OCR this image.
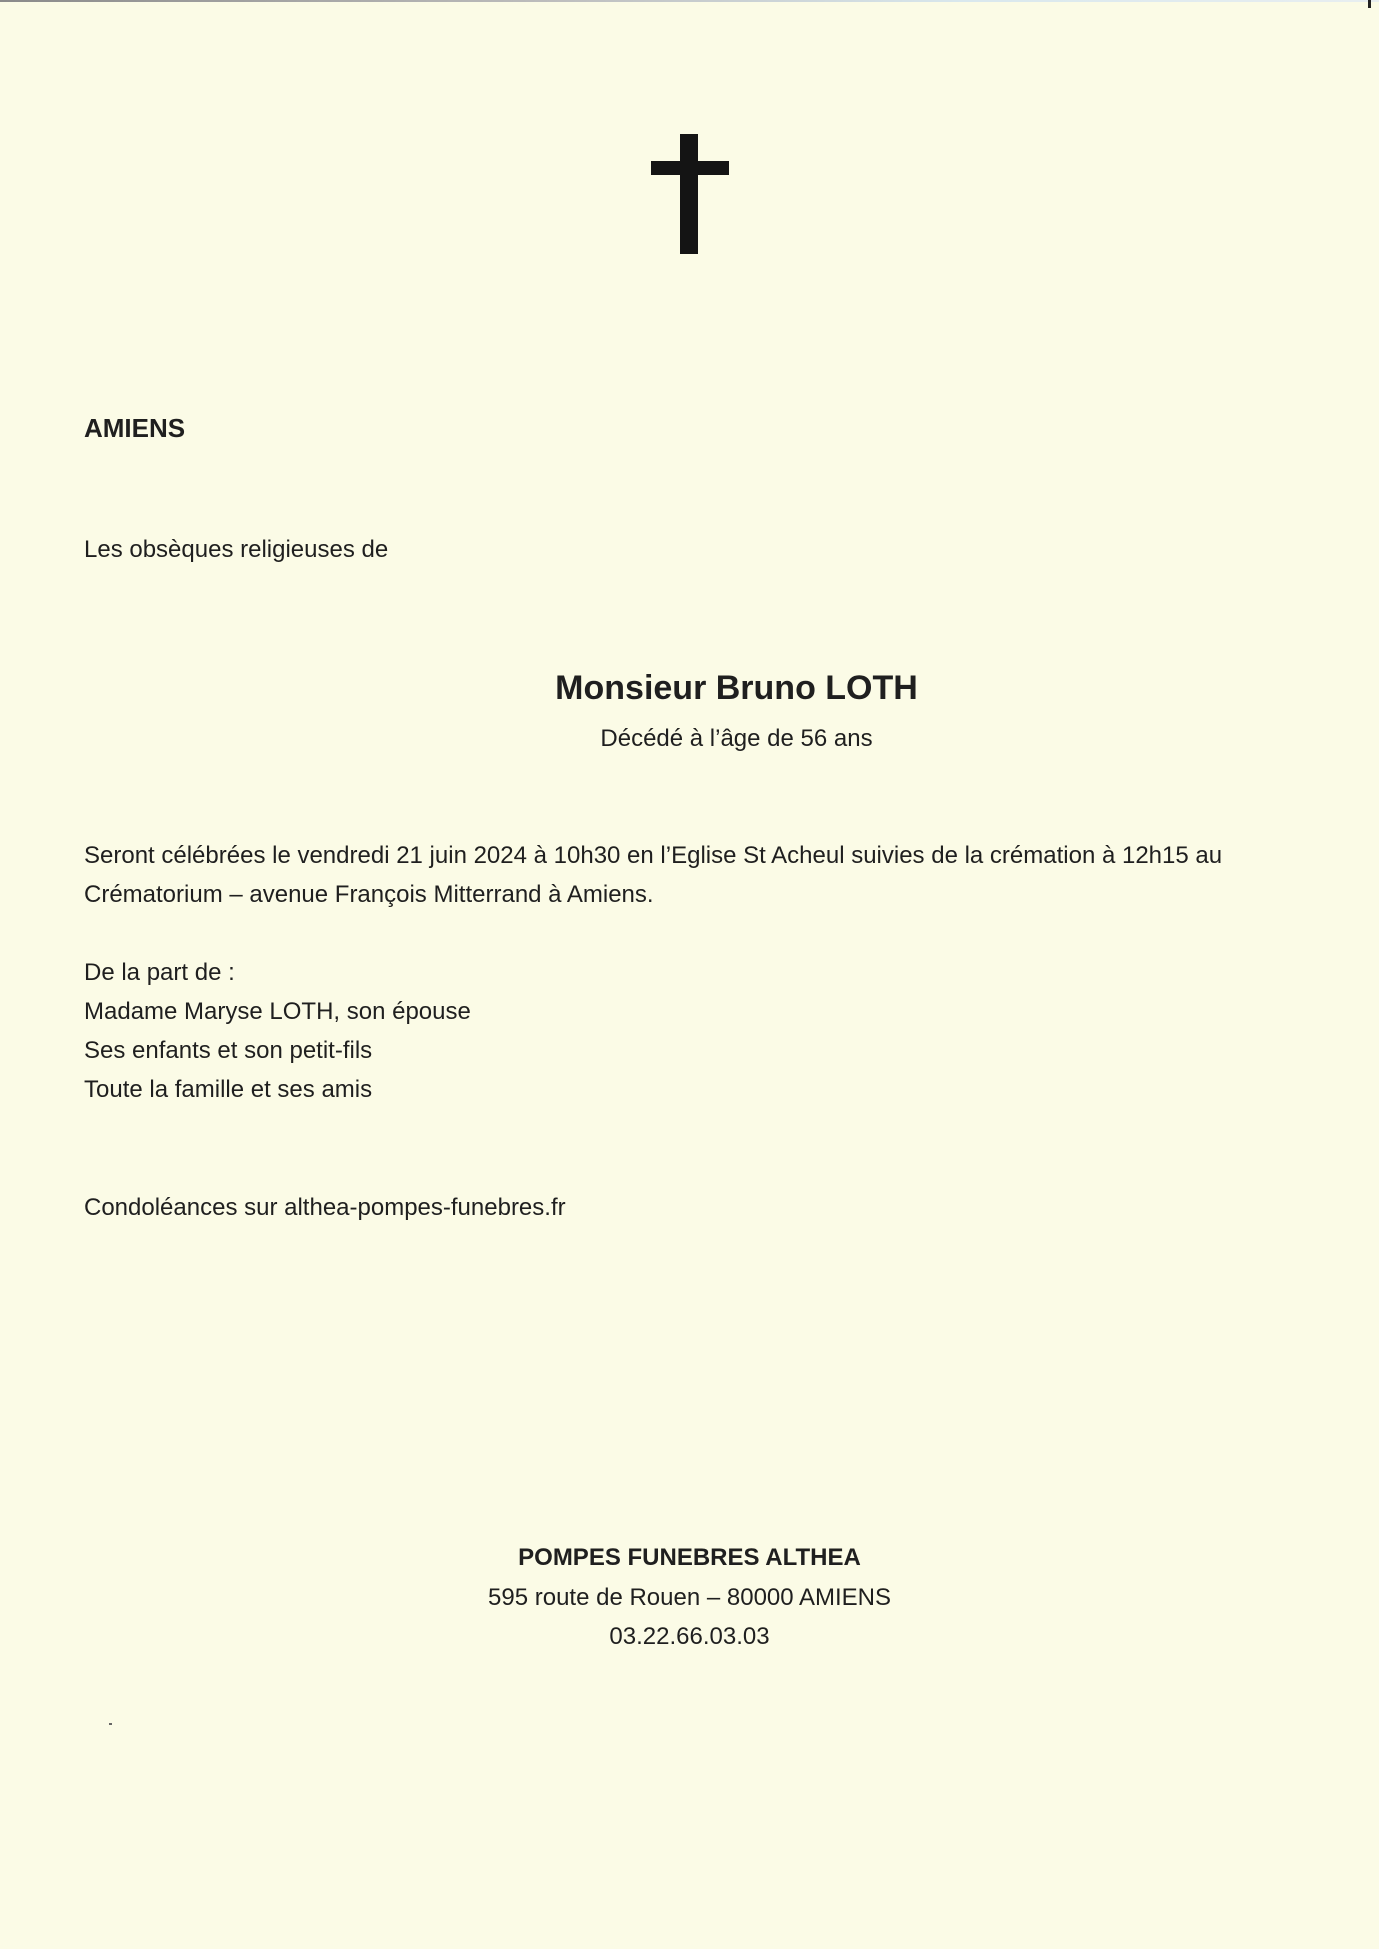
AMIENS
Les obsèques religieuses de
Monsieur Bruno LOTH
Décédé à l’âge de 56 ans
Seront célébrées le vendredi 21 juin 2024 à 10h30 en l’Eglise St Acheul suivies de la crémation à 12h15 au
Crématorium – avenue François Mitterrand à Amiens.
De la part de :
Madame Maryse LOTH, son épouse
Ses enfants et son petit-fils
Toute la famille et ses amis
Condoléances sur althea-pompes-funebres.fr
POMPES FUNEBRES ALTHEA
595 route de Rouen – 80000 AMIENS
03.22.66.03.03
